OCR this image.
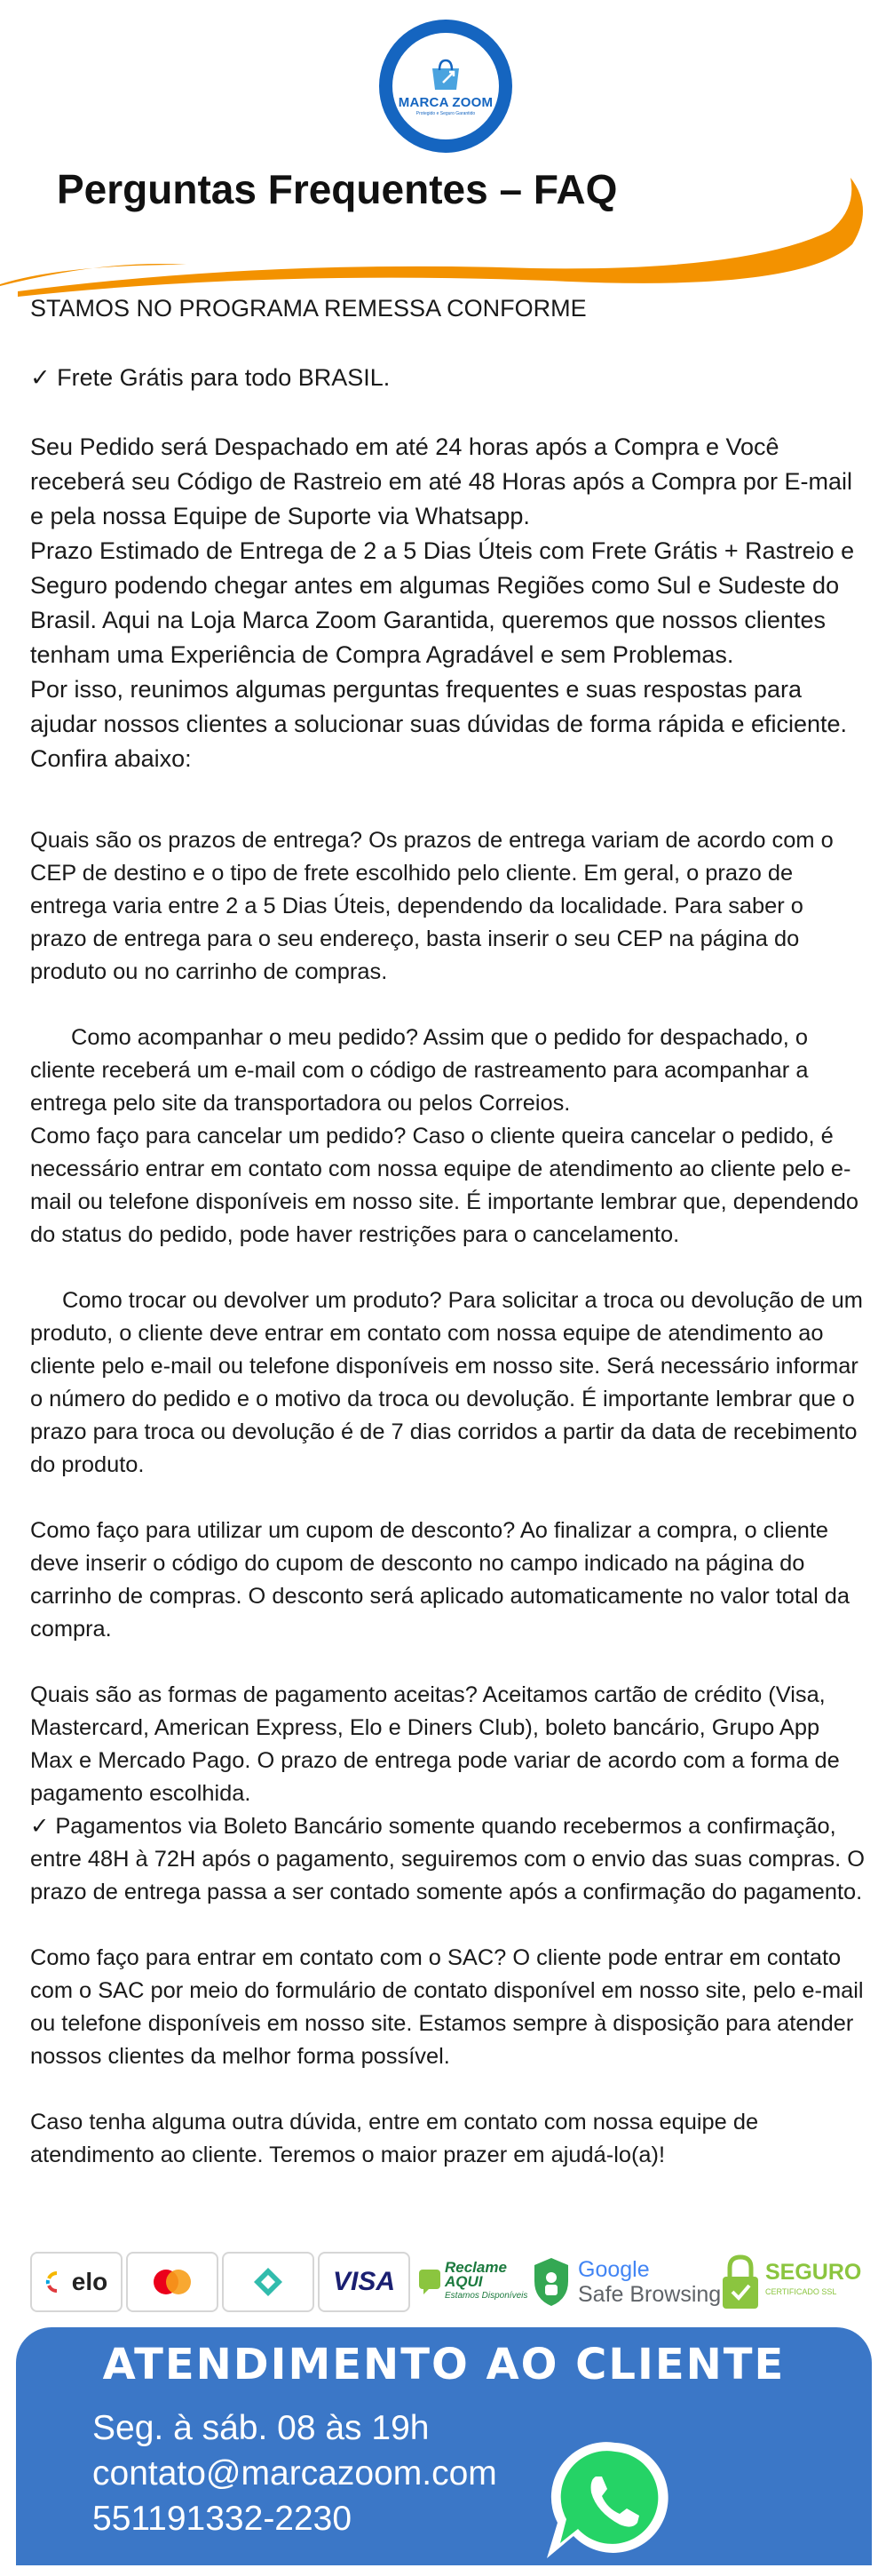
MARCA ZOOM
Protegido e Seguro Garantido
Perguntas Frequentes – FAQ

STAMOS NO PROGRAMA REMESSA CONFORME

✓ Frete Grátis para todo BRASIL.

Seu Pedido será Despachado em até 24 horas após a Compra e Você receberá seu Código de Rastreio em até 48 Horas após a Compra por E-mail e pela nossa Equipe de Suporte via Whatsapp.

Prazo Estimado de Entrega de 2 a 5 Dias Úteis com Frete Grátis + Rastreio e Seguro podendo chegar antes em algumas Regiões como Sul e Sudeste do Brasil. Aqui na Loja Marca Zoom Garantida, queremos que nossos clientes tenham uma Experiência de Compra Agradável e sem Problemas.

Por isso, reunimos algumas perguntas frequentes e suas respostas para ajudar nossos clientes a solucionar suas dúvidas de forma rápida e eficiente. Confira abaixo:

Quais são os prazos de entrega? Os prazos de entrega variam de acordo com o CEP de destino e o tipo de frete escolhido pelo cliente. Em geral, o prazo de entrega varia entre 2 a 5 Dias Úteis, dependendo da localidade. Para saber o prazo de entrega para o seu endereço, basta inserir o seu CEP na página do produto ou no carrinho de compras.

Como acompanhar o meu pedido? Assim que o pedido for despachado, o cliente receberá um e-mail com o código de rastreamento para acompanhar a entrega pelo site da transportadora ou pelos Correios.

Como faço para cancelar um pedido? Caso o cliente queira cancelar o pedido, é necessário entrar em contato com nossa equipe de atendimento ao cliente pelo e-mail ou telefone disponíveis em nosso site. É importante lembrar que, dependendo do status do pedido, pode haver restrições para o cancelamento.

Como trocar ou devolver um produto? Para solicitar a troca ou devolução de um produto, o cliente deve entrar em contato com nossa equipe de atendimento ao cliente pelo e-mail ou telefone disponíveis em nosso site. Será necessário informar o número do pedido e o motivo da troca ou devolução. É importante lembrar que o prazo para troca ou devolução é de 7 dias corridos a partir da data de recebimento do produto.

Como faço para utilizar um cupom de desconto? Ao finalizar a compra, o cliente deve inserir o código do cupom de desconto no campo indicado na página do carrinho de compras. O desconto será aplicado automaticamente no valor total da compra.

Quais são as formas de pagamento aceitas? Aceitamos cartão de crédito (Visa, Mastercard, American Express, Elo e Diners Club), boleto bancário, Grupo App Max e Mercado Pago. O prazo de entrega pode variar de acordo com a forma de pagamento escolhida.

✓ Pagamentos via Boleto Bancário somente quando recebermos a confirmação, entre 48H à 72H após o pagamento, seguiremos com o envio das suas compras. O prazo de entrega passa a ser contado somente após a confirmação do pagamento.

Como faço para entrar em contato com o SAC? O cliente pode entrar em contato com o SAC por meio do formulário de contato disponível em nosso site, pelo e-mail ou telefone disponíveis em nosso site. Estamos sempre à disposição para atender nossos clientes da melhor forma possível.

Caso tenha alguma outra dúvida, entre em contato com nossa equipe de atendimento ao cliente. Teremos o maior prazer em ajudá-lo(a)!

elo	VISA	Reclame
AQUI
Estamos Disponíveis
Google
Safe Browsing
SEGURO
CERTIFICADO SSL
ATENDIMENTO AO CLIENTE
Seg. à sáb. 08 às 19h
contato@marcazoom.com
551191332-2230
